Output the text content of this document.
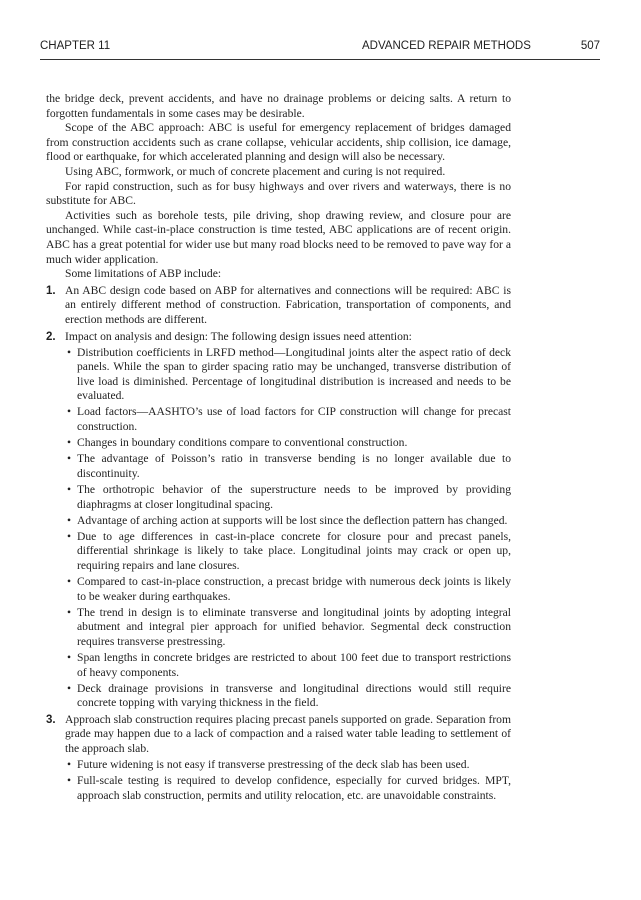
CHAPTER 11	ADVANCED REPAIR METHODS	507

the bridge deck, prevent accidents, and have no drainage problems or deicing salts. A return to forgotten fundamentals in some cases may be desirable.

Scope of the ABC approach: ABC is useful for emergency replacement of bridges damaged from construction accidents such as crane collapse, vehicular accidents, ship collision, ice damage, flood or earthquake, for which accelerated planning and design will also be necessary.

Using ABC, formwork, or much of concrete placement and curing is not required.

For rapid construction, such as for busy highways and over rivers and waterways, there is no substitute for ABC.

Activities such as borehole tests, pile driving, shop drawing review, and closure pour are unchanged. While cast-in-place construction is time tested, ABC applications are of recent origin. ABC has a great potential for wider use but many road blocks need to be removed to pave way for a much wider application.

Some limitations of ABP include:

1. An ABC design code based on ABP for alternatives and connections will be required: ABC is an entirely different method of construction. Fabrication, transportation of components, and erection methods are different.

2. Impact on analysis and design: The following design issues need attention:

• Distribution coefficients in LRFD method—Longitudinal joints alter the aspect ratio of deck panels. While the span to girder spacing ratio may be unchanged, transverse distribution of live load is diminished. Percentage of longitudinal distribution is increased and needs to be evaluated.
• Load factors—AASHTO’s use of load factors for CIP construction will change for precast construction.
• Changes in boundary conditions compare to conventional construction.
• The advantage of Poisson’s ratio in transverse bending is no longer available due to discontinuity.
• The orthotropic behavior of the superstructure needs to be improved by providing diaphragms at closer longitudinal spacing.
• Advantage of arching action at supports will be lost since the deflection pattern has changed.
• Due to age differences in cast-in-place concrete for closure pour and precast panels, differential shrinkage is likely to take place. Longitudinal joints may crack or open up, requiring repairs and lane closures.
• Compared to cast-in-place construction, a precast bridge with numerous deck joints is likely to be weaker during earthquakes.
• The trend in design is to eliminate transverse and longitudinal joints by adopting integral abutment and integral pier approach for unified behavior. Segmental deck construction requires transverse prestressing.
• Span lengths in concrete bridges are restricted to about 100 feet due to transport restrictions of heavy components.
• Deck drainage provisions in transverse and longitudinal directions would still require concrete topping with varying thickness in the field.
3. Approach slab construction requires placing precast panels supported on grade. Separation from grade may happen due to a lack of compaction and a raised water table leading to settlement of the approach slab.

• Future widening is not easy if transverse prestressing of the deck slab has been used.
• Full-scale testing is required to develop confidence, especially for curved bridges. MPT, approach slab construction, permits and utility relocation, etc. are unavoidable constraints.
